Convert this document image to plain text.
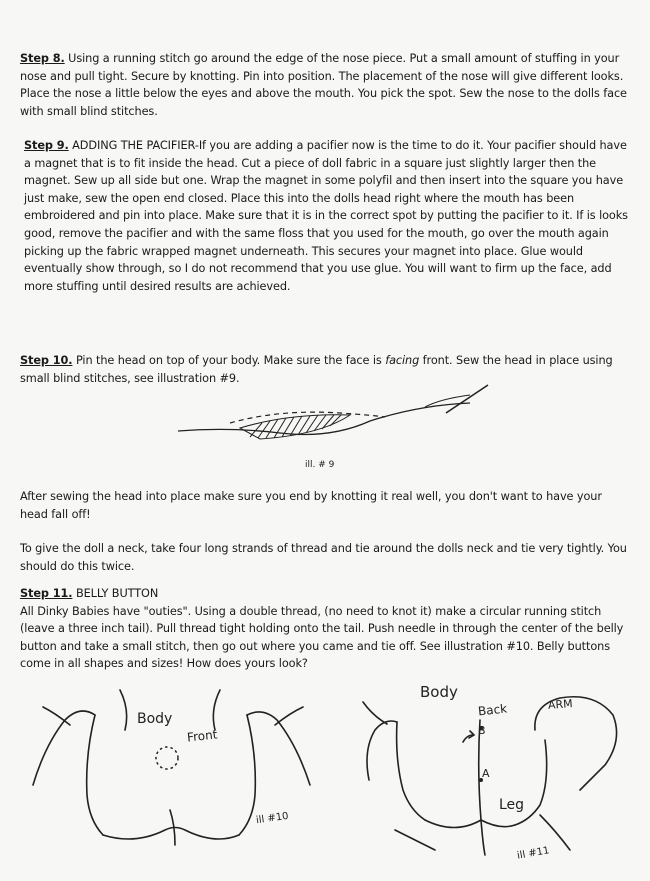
Step 8. Using a running stitch go around the edge of the nose piece. Put a small amount of stuffing in your nose and pull tight. Secure by knotting. Pin into position. The placement of the nose will give different looks. Place the nose a little below the eyes and above the mouth. You pick the spot. Sew the nose to the dolls face with small blind stitches.

Step 9. ADDING THE PACIFIER-If you are adding a pacifier now is the time to do it. Your pacifier should have a magnet that is to fit inside the head. Cut a piece of doll fabric in a square just slightly larger then the magnet. Sew up all side but one. Wrap the magnet in some polyfil and then insert into the square you have just make, sew the open end closed. Place this into the dolls head right where the mouth has been embroidered and pin into place. Make sure that it is in the correct spot by putting the pacifier to it. If is looks good, remove the pacifier and with the same floss that you used for the mouth, go over the mouth again picking up the fabric wrapped magnet underneath. This secures your magnet into place. Glue would eventually show through, so I do not recommend that you use glue. You will want to firm up the face, add more stuffing until desired results are achieved.

Step 10. Pin the head on top of your body. Make sure the face is facing front. Sew the head in place using small blind stitches, see illustration #9.

ill. # 9

After sewing the head into place make sure you end by knotting it real well, you don't want to have your head fall off!

To give the doll a neck, take four long strands of thread and tie around the dolls neck and tie very tightly. You should do this twice.

Step 11. BELLY BUTTON
All Dinky Babies have "outies". Using a double thread, (no need to knot it) make a circular running stitch (leave a three inch tail). Pull thread tight holding onto the tail. Push needle in through the center of the belly button and take a small stitch, then go out where you came and tie off. See illustration #10. Belly buttons come in all shapes and sizes! How does yours look?

Body
Front
ill #10
Body
Back	ARM
B
A
Leg
ill #11
